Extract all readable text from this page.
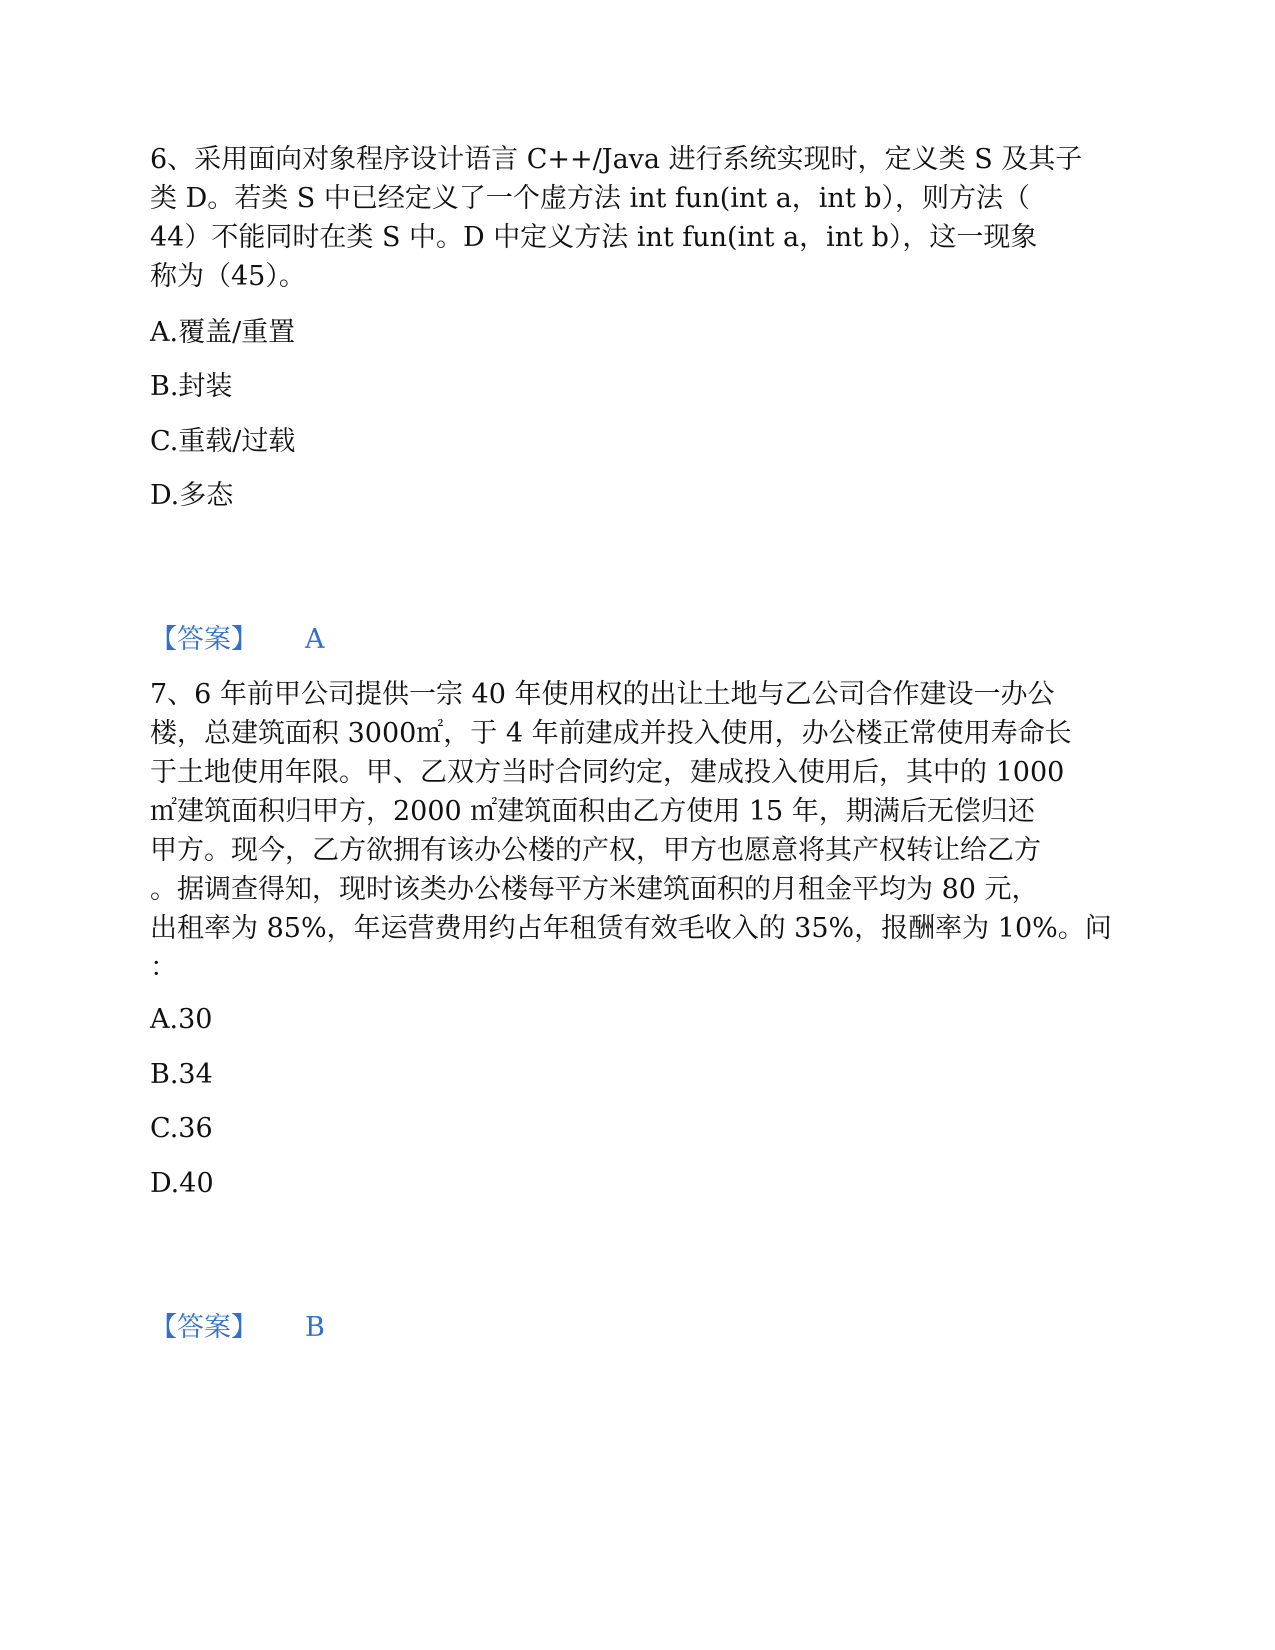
6、采用面向对象程序设计语言 C++/Java 进行系统实现时，定义类 S 及其子
类 D。若类 S 中已经定义了一个虚方法 int fun(int a，int b），则方法（
44）不能同时在类 S 中。D 中定义方法 int fun(int a，int b），这一现象
称为（45）。
A.覆盖/重置
B.封装
C.重载/过载
D.多态
【答案】 A
7、6 年前甲公司提供一宗 40 年使用权的出让土地与乙公司合作建设一办公
楼，总建筑面积 3000㎡，于 4 年前建成并投入使用，办公楼正常使用寿命长
于土地使用年限。甲、乙双方当时合同约定，建成投入使用后，其中的 1000
㎡建筑面积归甲方，2000 ㎡建筑面积由乙方使用 15 年，期满后无偿归还
甲方。现今，乙方欲拥有该办公楼的产权，甲方也愿意将其产权转让给乙方
。据调查得知，现时该类办公楼每平方米建筑面积的月租金平均为 80 元，
出租率为 85%，年运营费用约占年租赁有效毛收入的 35%，报酬率为 10%。问
：
A.30
B.34
C.36
D.40
【答案】 B
